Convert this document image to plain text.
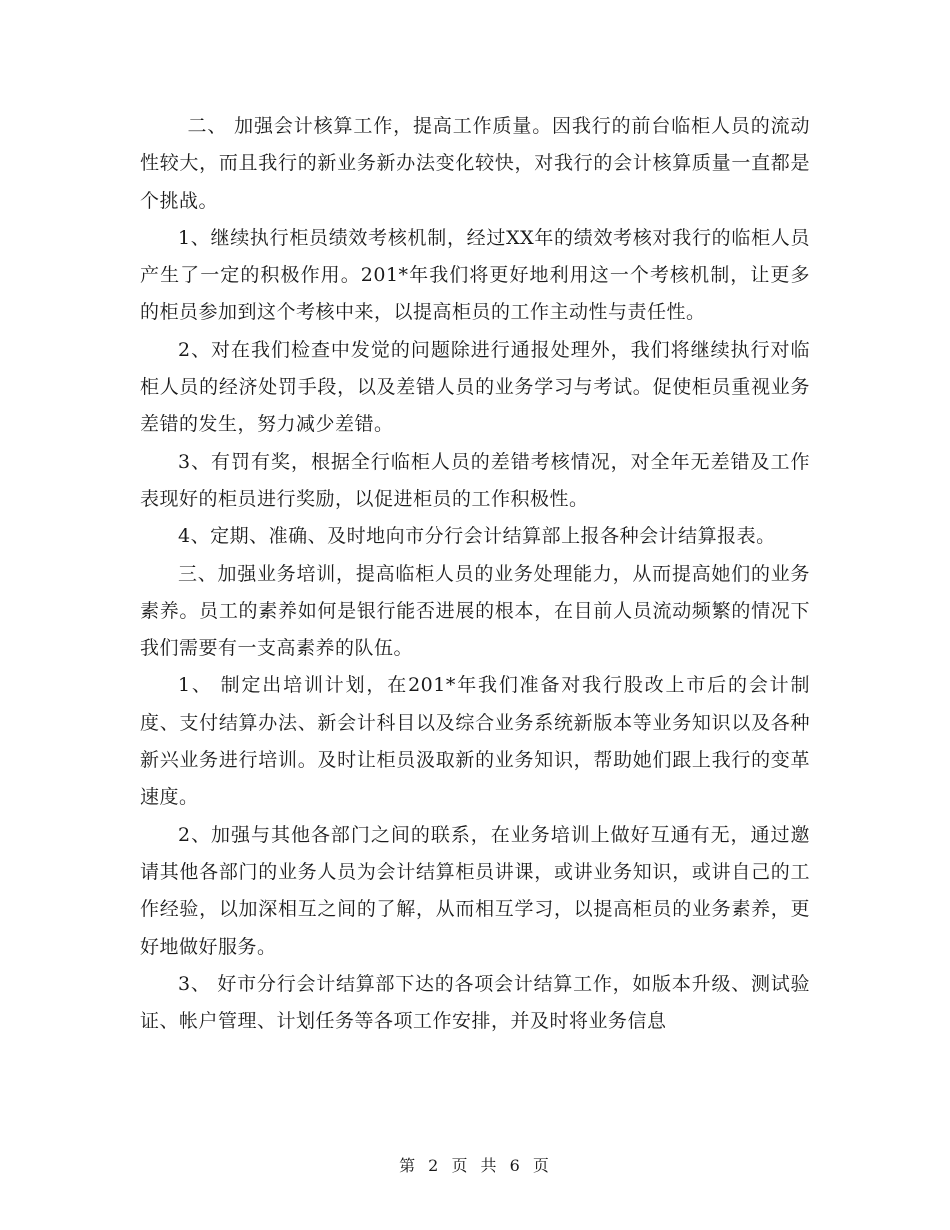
二、 加强会计核算工作，提高工作质量。因我行的前台临柜人员的流动性较大，而且我行的新业务新办法变化较快，对我行的会计核算质量一直都是个挑战。

1、继续执行柜员绩效考核机制，经过XX年的绩效考核对我行的临柜人员产生了一定的积极作用。201*年我们将更好地利用这一个考核机制，让更多的柜员参加到这个考核中来，以提高柜员的工作主动性与责任性。

2、对在我们检查中发觉的问题除进行通报处理外，我们将继续执行对临柜人员的经济处罚手段，以及差错人员的业务学习与考试。促使柜员重视业务差错的发生，努力减少差错。

3、有罚有奖，根据全行临柜人员的差错考核情况，对全年无差错及工作表现好的柜员进行奖励，以促进柜员的工作积极性。

4、定期、准确、及时地向市分行会计结算部上报各种会计结算报表。

三、加强业务培训，提高临柜人员的业务处理能力，从而提高她们的业务素养。员工的素养如何是银行能否进展的根本，在目前人员流动频繁的情况下我们需要有一支高素养的队伍。

1、 制定出培训计划，在201*年我们准备对我行股改上市后的会计制度、支付结算办法、新会计科目以及综合业务系统新版本等业务知识以及各种新兴业务进行培训。及时让柜员汲取新的业务知识，帮助她们跟上我行的变革速度。

2、加强与其他各部门之间的联系，在业务培训上做好互通有无，通过邀请其他各部门的业务人员为会计结算柜员讲课，或讲业务知识，或讲自己的工作经验，以加深相互之间的了解，从而相互学习，以提高柜员的业务素养，更好地做好服务。

3、 好市分行会计结算部下达的各项会计结算工作，如版本升级、测试验证、帐户管理、计划任务等各项工作安排，并及时将业务信息

第 2 页 共 6 页
